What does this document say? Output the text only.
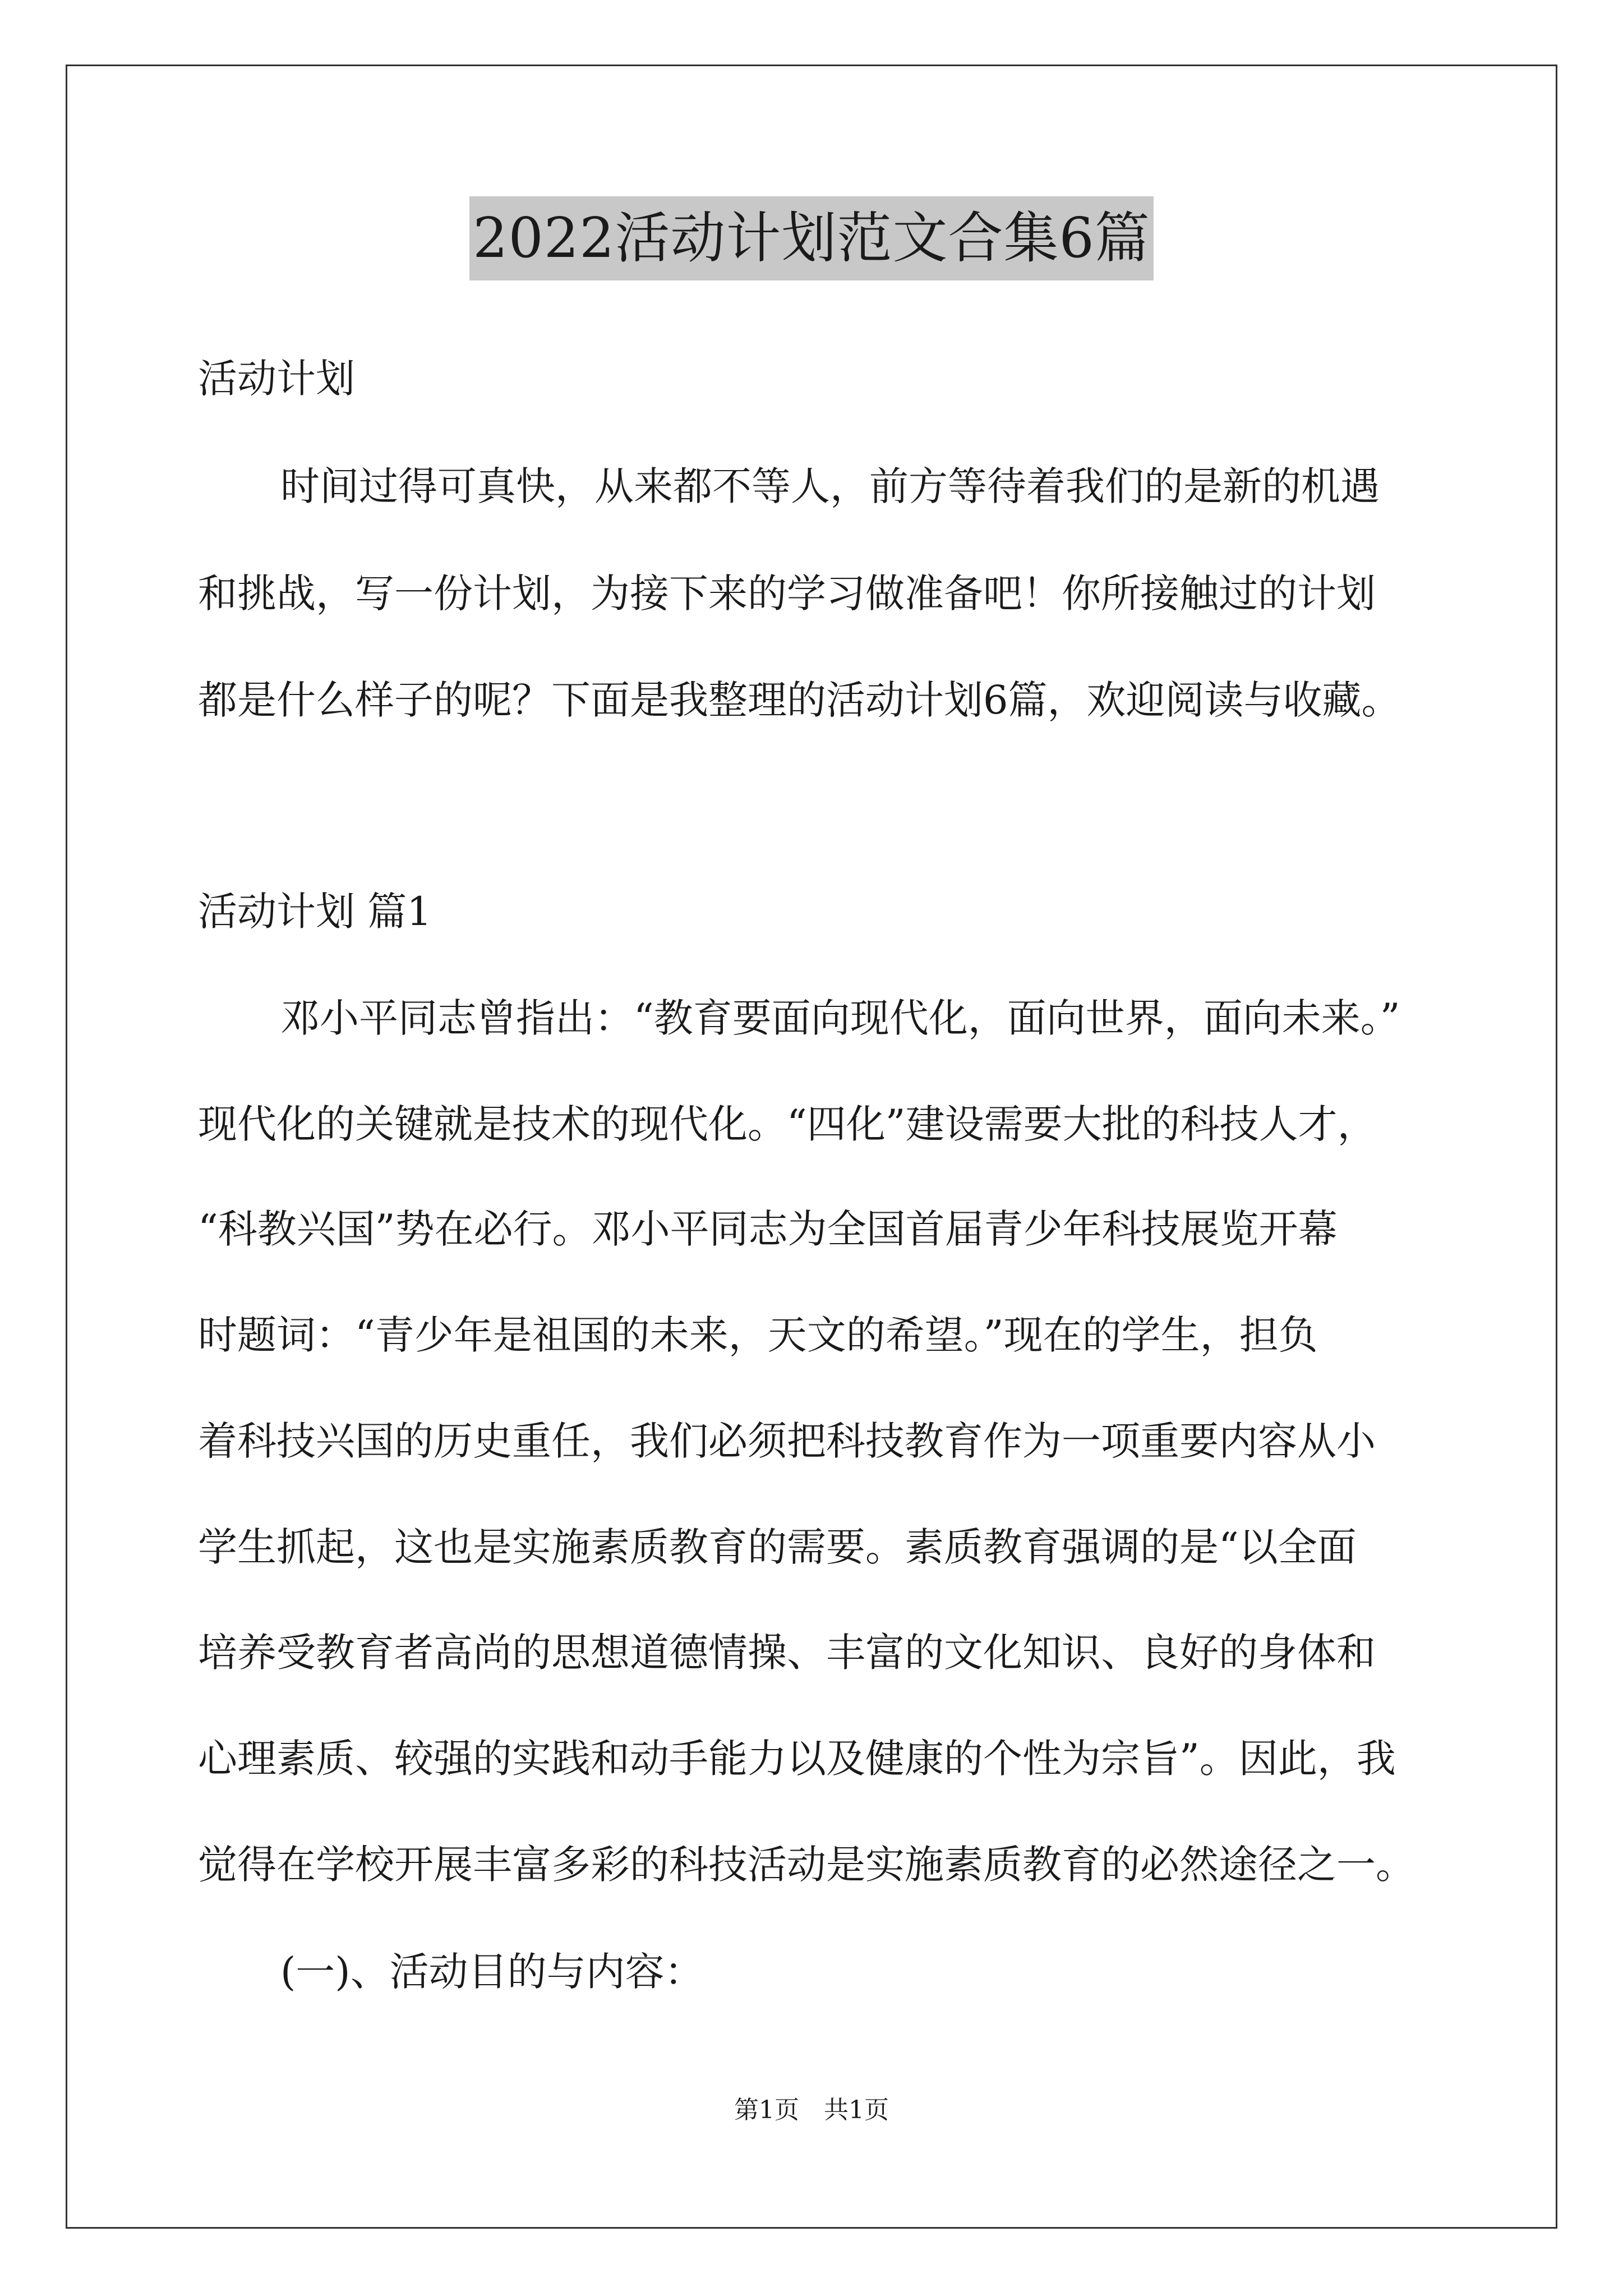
2022活动计划范文合集6篇
活动计划
时间过得可真快，从来都不等人，前方等待着我们的是新的机遇
和挑战，写一份计划，为接下来的学习做准备吧！你所接触过的计划
都是什么样子的呢？下面是我整理的活动计划6篇，欢迎阅读与收藏。
活动计划 篇1
邓小平同志曾指出：“教育要面向现代化，面向世界，面向未来。”
现代化的关键就是技术的现代化。“四化”建设需要大批的科技人才，
“科教兴国”势在必行。邓小平同志为全国首届青少年科技展览开幕
时题词：“青少年是祖国的未来，天文的希望。”现在的学生，担负
着科技兴国的历史重任，我们必须把科技教育作为一项重要内容从小
学生抓起，这也是实施素质教育的需要。素质教育强调的是“以全面
培养受教育者高尚的思想道德情操、丰富的文化知识、良好的身体和
心理素质、较强的实践和动手能力以及健康的个性为宗旨”。因此，我
觉得在学校开展丰富多彩的科技活动是实施素质教育的必然途径之一。
(一)、活动目的与内容：
第1页　共1页
